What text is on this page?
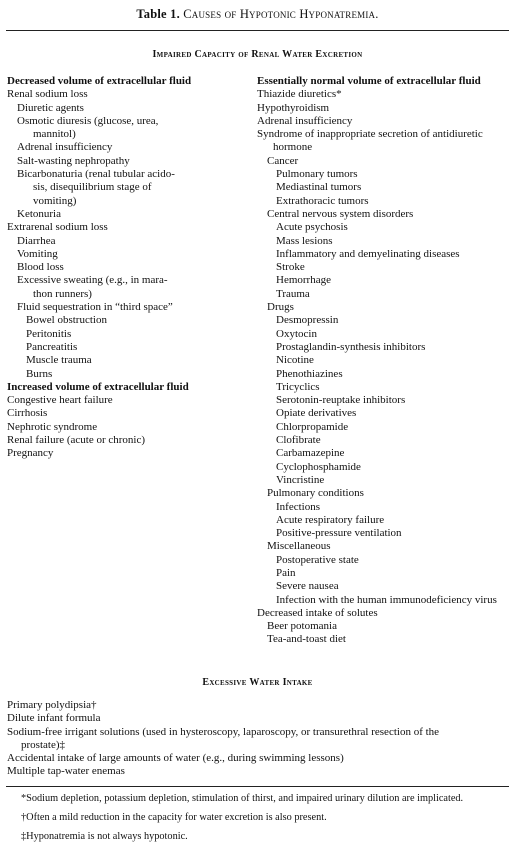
Table 1. Causes of Hypotonic Hyponatremia.
Impaired Capacity of Renal Water Excretion
Decreased volume of extracellular fluid
Renal sodium loss
Diuretic agents
Osmotic diuresis (glucose, urea,
mannitol)
Adrenal insufficiency
Salt-wasting nephropathy
Bicarbonaturia (renal tubular acido-
sis, disequilibrium stage of
vomiting)
Ketonuria
Extrarenal sodium loss
Diarrhea
Vomiting
Blood loss
Excessive sweating (e.g., in mara-
thon runners)
Fluid sequestration in “third space”
Bowel obstruction
Peritonitis
Pancreatitis
Muscle trauma
Burns
Increased volume of extracellular fluid
Congestive heart failure
Cirrhosis
Nephrotic syndrome
Renal failure (acute or chronic)
Pregnancy
Essentially normal volume of extracellular fluid
Thiazide diuretics*
Hypothyroidism
Adrenal insufficiency
Syndrome of inappropriate secretion of antidiuretic
hormone
Cancer
Pulmonary tumors
Mediastinal tumors
Extrathoracic tumors
Central nervous system disorders
Acute psychosis
Mass lesions
Inflammatory and demyelinating diseases
Stroke
Hemorrhage
Trauma
Drugs
Desmopressin
Oxytocin
Prostaglandin-synthesis inhibitors
Nicotine
Phenothiazines
Tricyclics
Serotonin-reuptake inhibitors
Opiate derivatives
Chlorpropamide
Clofibrate
Carbamazepine
Cyclophosphamide
Vincristine
Pulmonary conditions
Infections
Acute respiratory failure
Positive-pressure ventilation
Miscellaneous
Postoperative state
Pain
Severe nausea
Infection with the human immunodeficiency virus
Decreased intake of solutes
Beer potomania
Tea-and-toast diet
Excessive Water Intake
Primary polydipsia†
Dilute infant formula
Sodium-free irrigant solutions (used in hysteroscopy, laparoscopy, or transurethral resection of the
prostate)‡
Accidental intake of large amounts of water (e.g., during swimming lessons)
Multiple tap-water enemas
*Sodium depletion, potassium depletion, stimulation of thirst, and impaired urinary dilution are implicated.
†Often a mild reduction in the capacity for water excretion is also present.
‡Hyponatremia is not always hypotonic.
